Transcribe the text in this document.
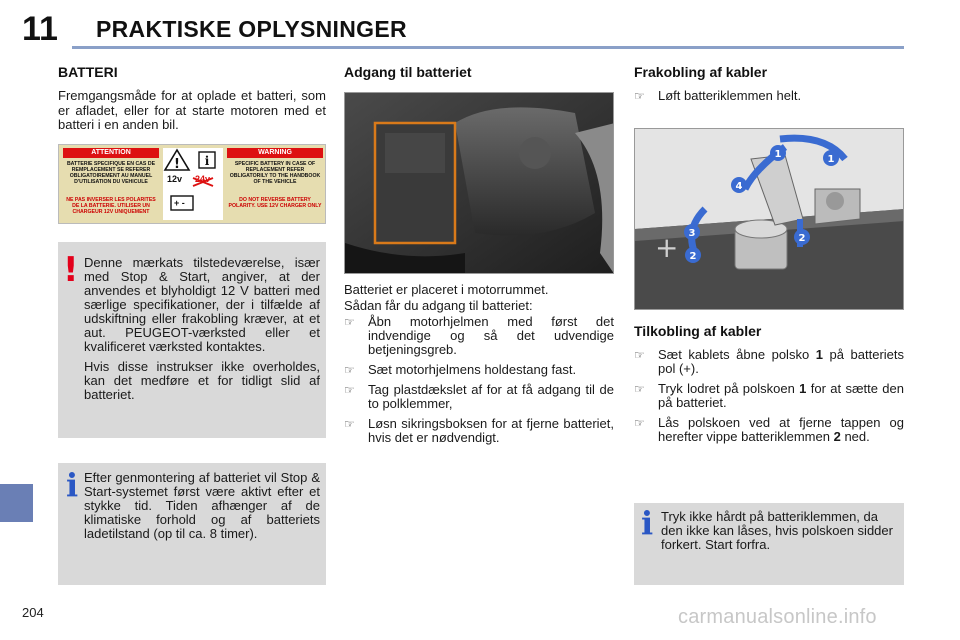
11 PRAKTISKE OPLYSNINGER
BATTERI
Fremgangsmåde for at oplade et batteri, som er afladet, eller for at starte motoren med et batteri i en anden bil.
ATTENTION	WARNING
BATTERIE SPECIFIQUE EN CAS DE REMPLACEMENT SE REFERER OBLIGATOIREMENT AU MANUEL D'UTILISATION DU VEHICULE
SPECIFIC BATTERY IN CASE OF REPLACEMENT REFER OBLIGATORILY TO THE HANDBOOK OF THE VEHICLE
NE PAS INVERSER LES POLARITES DE LA BATTERIE. UTILISER UN CHARGEUR 12V UNIQUEMENT
DO NOT REVERSE BATTERY POLARITY. USE 12V CHARGER ONLY
! i
12v 24v
+ -
! Denne mærkats tilstedeværelse, især med Stop & Start, angiver, at der anvendes et blyholdigt 12 V batteri med særlige specifikationer, der i tilfælde af udskiftning eller frakobling kræver, at et aut. PEUGEOT-værksted eller et kvalificeret værksted kontaktes.

Hvis disse instrukser ikke overholdes, kan det medføre et for tidligt slid af batteriet.

i Efter genmontering af batteriet vil Stop & Start-systemet først være aktivt efter et stykke tid. Tiden afhænger af de klimatiske forhold og af batteriets ladetilstand (op til ca. 8 timer).
Adgang til batteriet
Batteriet er placeret i motorrummet.
Sådan får du adgang til batteriet:
☞ Åbn motorhjelmen med først det indvendige og så det udvendige betjeningsgreb.
☞ Sæt motorhjelmens holdestang fast.
☞ Tag plastdækslet af for at få adgang til de to polklemmer,
☞ Løsn sikringsboksen for at fjerne batteriet, hvis det er nødvendigt.
Frakobling af kabler
☞ Løft batteriklemmen helt.
+
1	1
2
2
3
4
Tilkobling af kabler
☞ Sæt kablets åbne polsko 1 på batteriets pol (+).
☞ Tryk lodret på polskoen 1 for at sætte den på batteriet.
☞ Lås polskoen ved at fjerne tappen og herefter vippe batteriklemmen 2 ned.
i Tryk ikke hårdt på batteriklemmen, da den ikke kan låses, hvis polskoen sidder forkert. Start forfra.
204	carmanualsonline.info
